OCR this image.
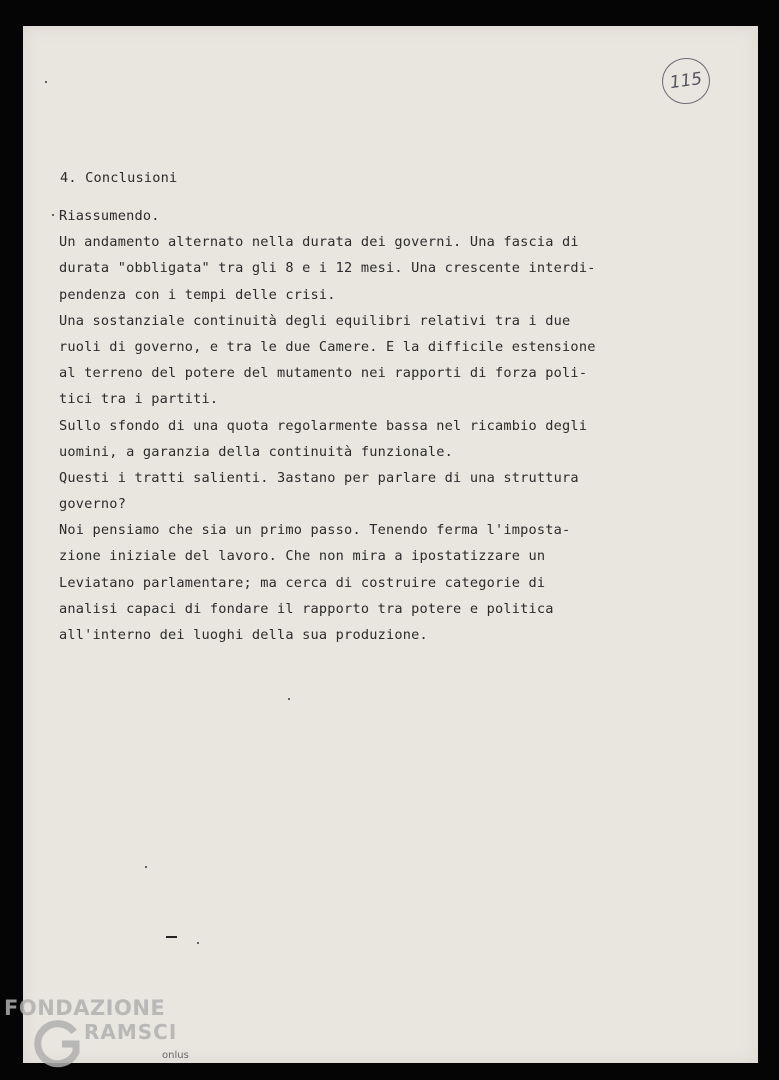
115
4. Conclusioni
Riassumendo.
Un andamento alternato nella durata dei governi. Una fascia di
durata "obbligata" tra gli 8 e i 12 mesi. Una crescente interdi-
pendenza con i tempi delle crisi.
Una sostanziale continuità degli equilibri relativi tra i due
ruoli di governo, e tra le due Camere. E la difficile estensione
al terreno del potere del mutamento nei rapporti di forza poli-
tici tra i partiti.
Sullo sfondo di una quota regolarmente bassa nel ricambio degli
uomini, a garanzia della continuità funzionale.
Questi i tratti salienti. 3astano per parlare di una struttura
governo?
Noi pensiamo che sia un primo passo. Tenendo ferma l'imposta-
zione iniziale del lavoro. Che non mira a ipostatizzare un
Leviatano parlamentare; ma cerca di costruire categorie di
analisi capaci di fondare il rapporto tra potere e politica
all'interno dei luoghi della sua produzione.
FONDAZIONE
RAMSCI
onlus
